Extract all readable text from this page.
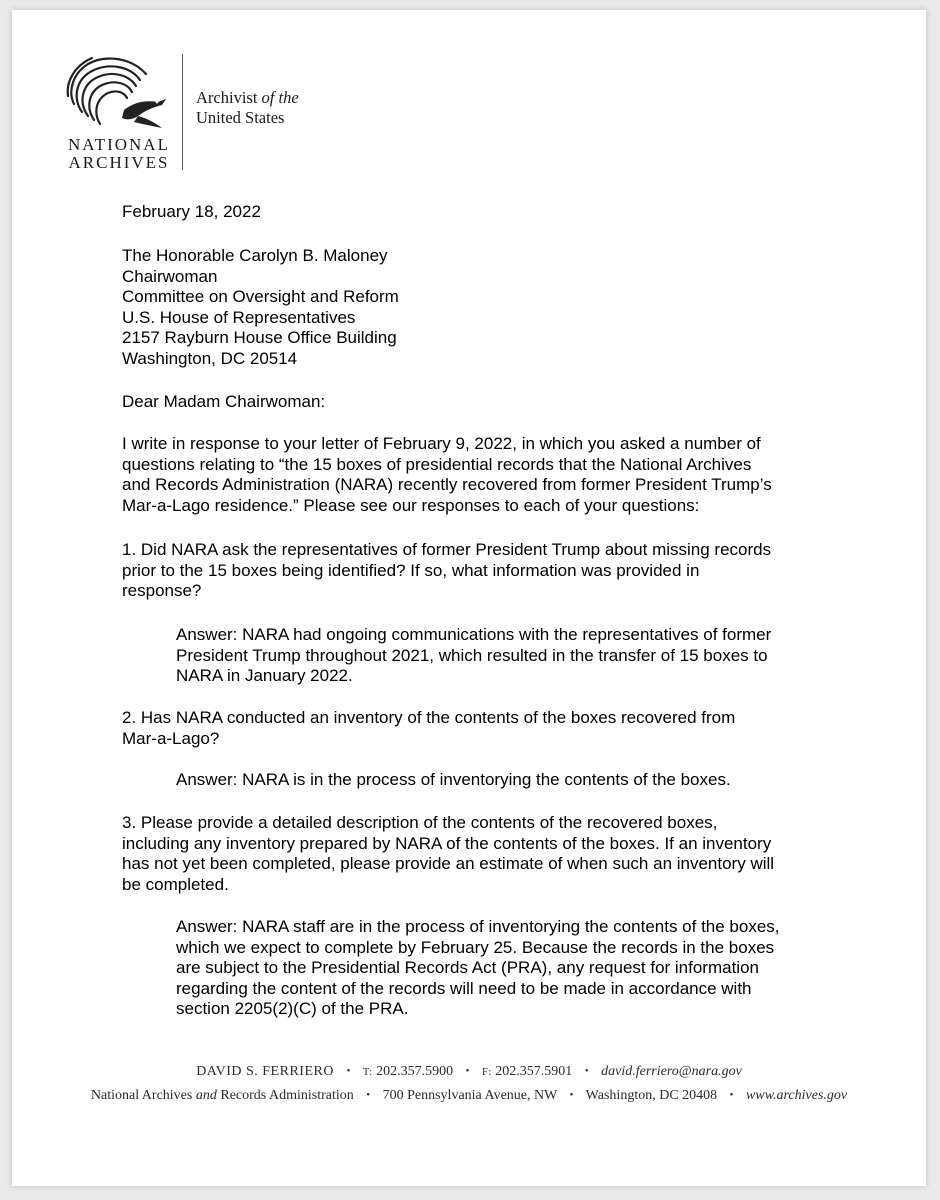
NATIONAL
ARCHIVES
Archivist of the
United States
February 18, 2022
The Honorable Carolyn B. Maloney
Chairwoman
Committee on Oversight and Reform
U.S. House of Representatives
2157 Rayburn House Office Building
Washington, DC 20514
Dear Madam Chairwoman:
I write in response to your letter of February 9, 2022, in which you asked a number of
questions relating to “the 15 boxes of presidential records that the National Archives
and Records Administration (NARA) recently recovered from former President Trump’s
Mar-a-Lago residence.” Please see our responses to each of your questions:
1. Did NARA ask the representatives of former President Trump about missing records
prior to the 15 boxes being identified? If so, what information was provided in
response?
Answer: NARA had ongoing communications with the representatives of former
President Trump throughout 2021, which resulted in the transfer of 15 boxes to
NARA in January 2022.
2. Has NARA conducted an inventory of the contents of the boxes recovered from
Mar-a-Lago?
Answer: NARA is in the process of inventorying the contents of the boxes.
3. Please provide a detailed description of the contents of the recovered boxes,
including any inventory prepared by NARA of the contents of the boxes. If an inventory
has not yet been completed, please provide an estimate of when such an inventory will
be completed.
Answer: NARA staff are in the process of inventorying the contents of the boxes,
which we expect to complete by February 25. Because the records in the boxes
are subject to the Presidential Records Act (PRA), any request for information
regarding the content of the records will need to be made in accordance with
section 2205(2)(C) of the PRA.
DAVID S. FERRIERO • T: 202.357.5900 • F: 202.357.5901 • david.ferriero@nara.gov
National Archives and Records Administration • 700 Pennsylvania Avenue, NW • Washington, DC 20408 • www.archives.gov
